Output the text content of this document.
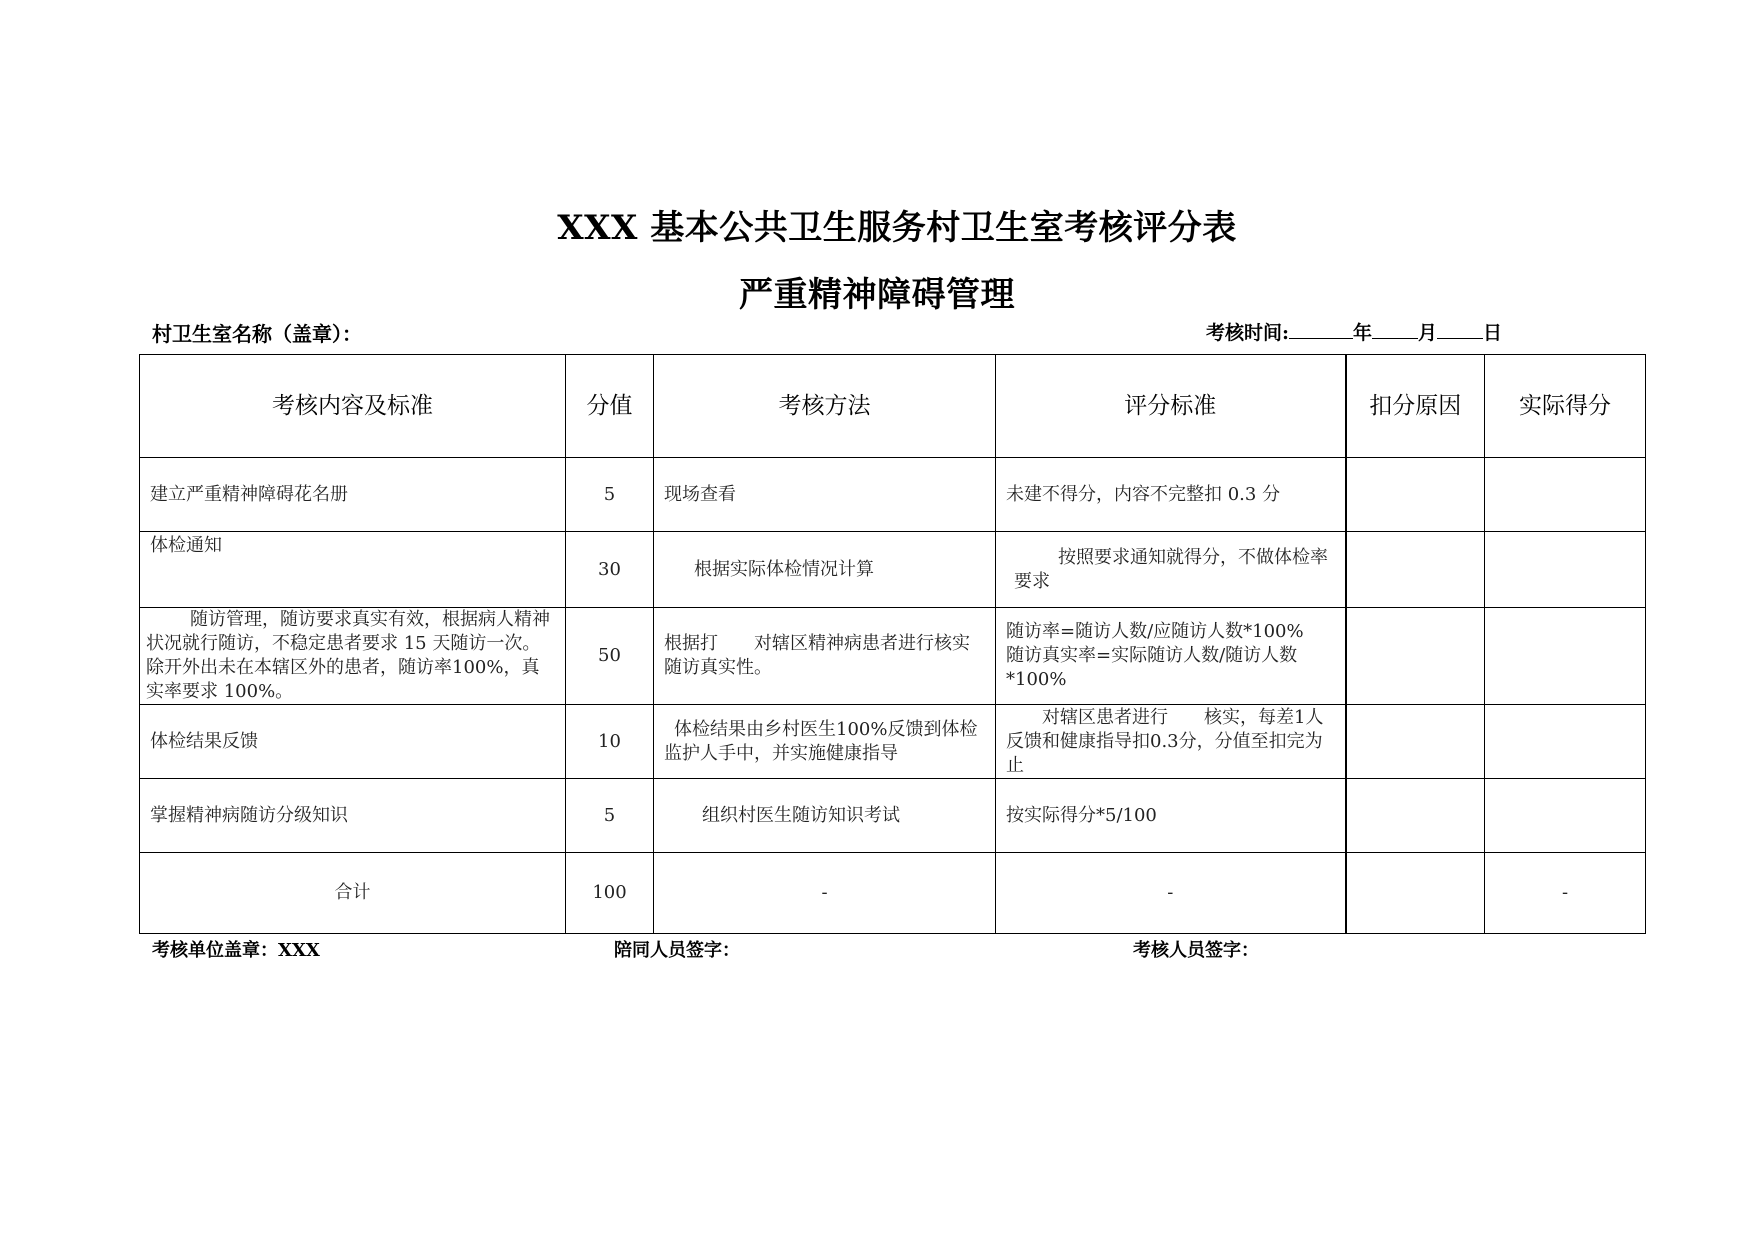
XXX 基本公共卫生服务村卫生室考核评分表
严重精神障碍管理
村卫生室名称（盖章）：	考核时间:	年 月 日
考核内容及标准	分值	考核方法	评分标准	扣分原因	实际得分
建立严重精神障碍花名册	5	现场查看	未建不得分，内容不完整扣 0.3 分		
体检通知	30	根据实际体检情况计算	按照要求通知就得分，不做体检率要求		

随访管理，随访要求真实有效，根据病人精神状况就行随访，不稳定患者要求 15 天随访一次。除开外出未在本辖区外的患者，随访率100%，真实率要求 100%。	50	根据打　　对辖区精神病患者进行核实随访真实性。	随访率=随访人数/应随访人数*100%
随访真实率=实际随访人数/随访人数*100%		

体检结果反馈	10	体检结果由乡村医生100%反馈到体检监护人手中，并实施健康指导	对辖区患者进行　　核实，每差1人反馈和健康指导扣0.3分，分值至扣完为止		

掌握精神病随访分级知识	5	组织村医生随访知识考试	按实际得分*5/100		
合计	100	-	-		-
考核单位盖章：XXX	陪同人员签字：	考核人员签字：
